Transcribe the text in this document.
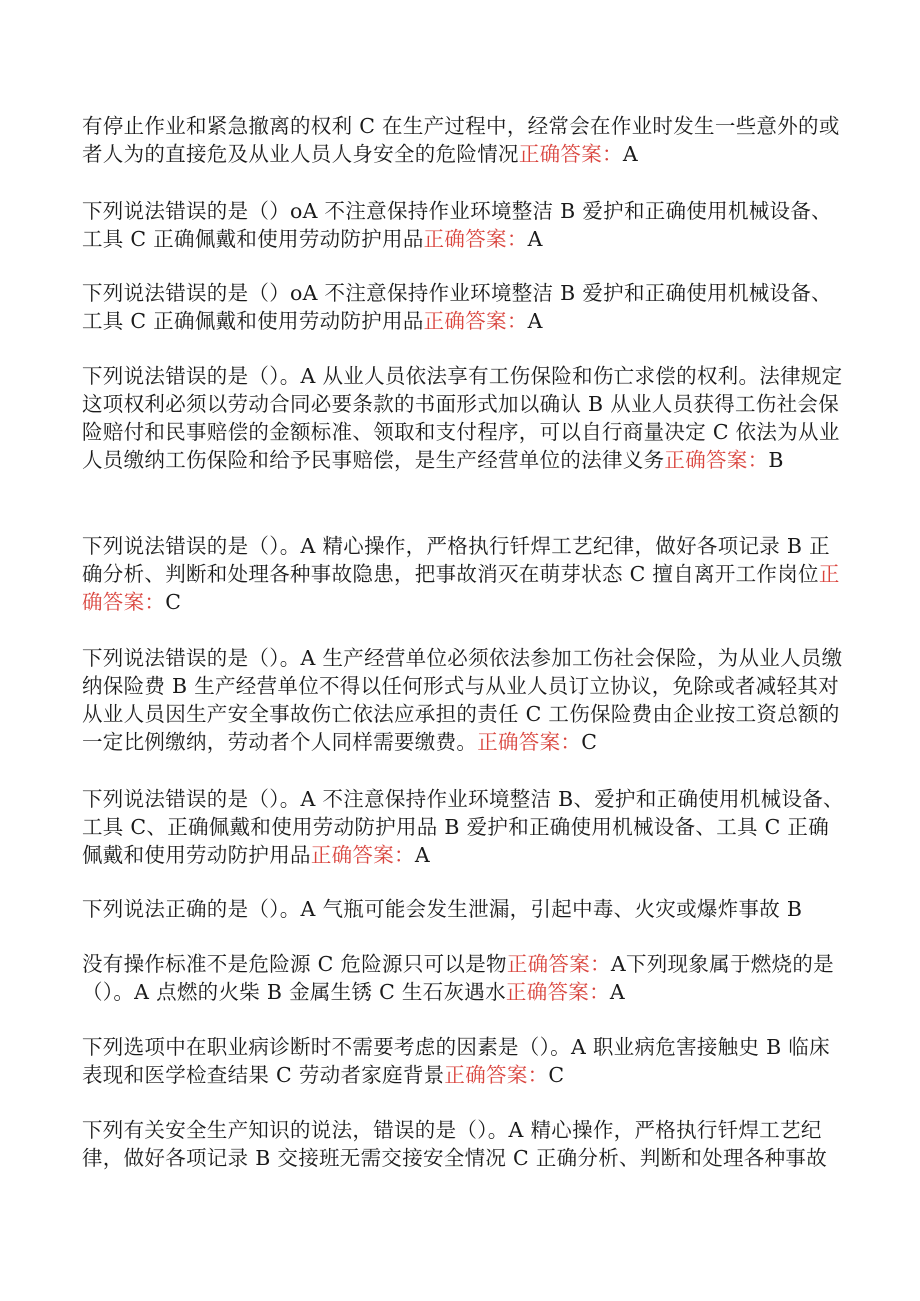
有停止作业和紧急撤离的权利 C 在生产过程中，经常会在作业时发生一些意外的或者人为的直接危及从业人员人身安全的危险情况正确答案：A

下列说法错误的是（）oA 不注意保持作业环境整洁 B 爱护和正确使用机械设备、工具 C 正确佩戴和使用劳动防护用品正确答案：A

下列说法错误的是（）oA 不注意保持作业环境整洁 B 爱护和正确使用机械设备、工具 C 正确佩戴和使用劳动防护用品正确答案：A

下列说法错误的是（）。A 从业人员依法享有工伤保险和伤亡求偿的权利。法律规定这项权利必须以劳动合同必要条款的书面形式加以确认 B 从业人员获得工伤社会保险赔付和民事赔偿的金额标准、领取和支付程序，可以自行商量决定 C 依法为从业人员缴纳工伤保险和给予民事赔偿，是生产经营单位的法律义务正确答案：B

下列说法错误的是（）。A 精心操作，严格执行钎焊工艺纪律，做好各项记录 B 正确分析、判断和处理各种事故隐患，把事故消灭在萌芽状态 C 擅自离开工作岗位正确答案：C

下列说法错误的是（）。A 生产经营单位必须依法参加工伤社会保险，为从业人员缴纳保险费 B 生产经营单位不得以任何形式与从业人员订立协议，免除或者减轻其对从业人员因生产安全事故伤亡依法应承担的责任 C 工伤保险费由企业按工资总额的一定比例缴纳，劳动者个人同样需要缴费。正确答案：C

下列说法错误的是（）。A 不注意保持作业环境整洁 B、爱护和正确使用机械设备、工具 C、正确佩戴和使用劳动防护用品 B 爱护和正确使用机械设备、工具 C 正确佩戴和使用劳动防护用品正确答案：A

下列说法正确的是（）。A 气瓶可能会发生泄漏，引起中毒、火灾或爆炸事故 B

没有操作标准不是危险源 C 危险源只可以是物正确答案：A下列现象属于燃烧的是（）。A 点燃的火柴 B 金属生锈 C 生石灰遇水正确答案：A

下列选项中在职业病诊断时不需要考虑的因素是（）。A 职业病危害接触史 B 临床表现和医学检查结果 C 劳动者家庭背景正确答案：C

下列有关安全生产知识的说法，错误的是（）。A 精心操作，严格执行钎焊工艺纪律，做好各项记录 B 交接班无需交接安全情况 C 正确分析、判断和处理各种事故
